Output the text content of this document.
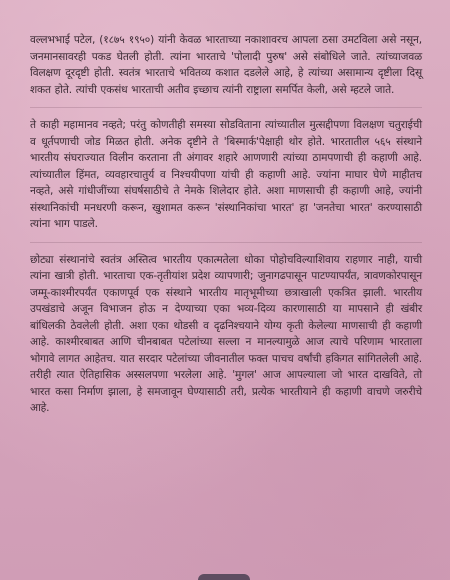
वल्लभभाई पटेल, (१८७५ १९५०) यांनी केवळ भारताच्या नकाशावरच आपला ठसा उमटविला असे नसून, जनमानसावरही पकड घेतली होती. त्यांना भारताचे 'पोलादी पुरुष' असे संबोधिले जाते. त्यांच्याजवळ विलक्षण दूरदृष्टी होती. स्वतंत्र भारताचे भवितव्य कशात दडलेले आहे, हे त्यांच्या असामान्य दृष्टीला दिसू शकत होते. त्यांची एकसंध भारताची अतीव इच्छाच त्यांनी राष्ट्राला समर्पित केली, असे म्हटले जाते.

ते काही महामानव नव्हते; परंतु कोणतीही समस्या सोडविताना त्यांच्यातील मुत्सद्दीपणा विलक्षण चतुराईची व धूर्तपणाची जोड मिळत होती. अनेक दृष्टीने ते 'बिस्मार्क'पेक्षाही थोर होते. भारतातील ५६५ संस्थाने भारतीय संघराज्यात विलीन करताना ती अंगावर शहारे आणणारी त्यांच्या ठामपणाची ही कहाणी आहे. त्यांच्यातील हिंमत, व्यवहारचातुर्य व निश्चयीपणा यांची ही कहाणी आहे. ज्यांना माघार घेणे माहीतच नव्हते, असे गांधीजींच्या संघर्षसाठीचे ते नेमके शिलेदार होते. अशा माणसाची ही कहाणी आहे, ज्यांनी संस्थानिकांची मनधरणी करून, खुशामत करून 'संस्थानिकांचा भारत' हा 'जनतेचा भारत' करण्यासाठी त्यांना भाग पाडले.

छोट्या संस्थानांचे स्वतंत्र अस्तित्व भारतीय एकात्मतेला धोका पोहोचविल्याशिवाय राहणार नाही, याची त्यांना खात्री होती. भारताचा एक-तृतीयांश प्रदेश व्यापणारी; जुनागढपासून पाटण्यापर्यंत, त्रावणकोरपासून जम्मू-काश्मीरपर्यंत एकाणपूर्व एक संस्थाने भारतीय मातृभूमीच्या छत्राखाली एकत्रित झाली. भारतीय उपखंडाचे अजून विभाजन होऊ न देण्याच्या एका भव्य-दिव्य कारणासाठी या मापसाने ही खंबीर बांधिलकी ठेवलेली होती. अशा एका थोडसी व दृढनिश्चयाने योग्य कृती केलेल्या माणसाची ही कहाणी आहे. काश्मीरबाबत आणि चीनबाबत पटेलांच्या सल्ला न मानल्यामुळे आज त्याचे परिणाम भारताला भोगावे लागत आहेतच. यात सरदार पटेलांच्या जीवनातील फक्त पाचच वर्षांची हकिगत सांगितलेली आहे. तरीही त्यात ऐतिहासिक अस्सलपणा भरलेला आहे. 'मुगल' आज आपल्याला जो भारत दाखविते, तो भारत कसा निर्माण झाला, हे समजावून घेण्यासाठी तरी, प्रत्येक भारतीयाने ही कहाणी वाचणे जरुरीचे आहे.
